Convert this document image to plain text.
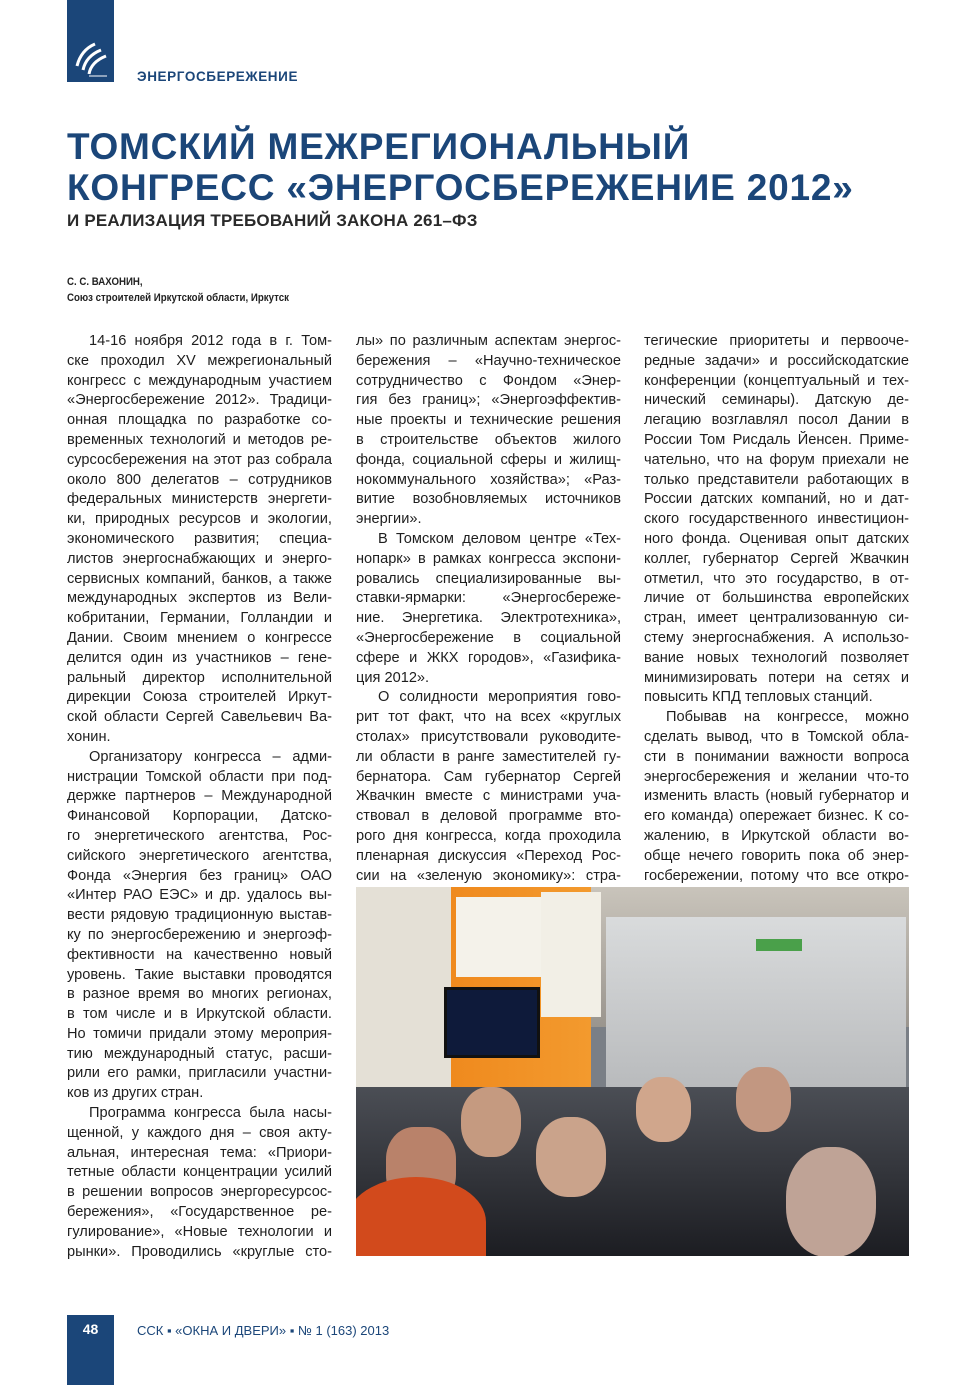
ЭНЕРГОСБЕРЕЖЕНИЕ
ТОМСКИЙ МЕЖРЕГИОНАЛЬНЫЙ
КОНГРЕСС «ЭНЕРГОСБЕРЕЖЕНИЕ 2012»
И РЕАЛИЗАЦИЯ ТРЕБОВАНИЙ ЗАКОНА 261–ФЗ
С. С. ВАХОНИН,
Союз строителей Иркутской области, Иркутск
14-16 ноября 2012 года в г. Том-
ске проходил XV межрегиональный
конгресс с международным участием
«Энергосбережение 2012». Традици-
онная площадка по разработке со-
временных технологий и методов ре-
сурсосбережения на этот раз собрала
около 800 делегатов – сотрудников
федеральных министерств энергети-
ки, природных ресурсов и экологии,
экономического развития; специа-
листов энергоснабжающих и энерго-
сервисных компаний, банков, а также
международных экспертов из Вели-
кобритании, Германии, Голландии и
Дании. Своим мнением о конгрессе
делится один из участников – гене-
ральный директор исполнительной
дирекции Союза строителей Иркут-
ской области Сергей Савельевич Ва-
хонин.
Организатору конгресса – адми-
нистрации Томской области при под-
держке партнеров – Международной
Финансовой Корпорации, Датско-
го энергетического агентства, Рос-
сийского энергетического агентства,
Фонда «Энергия без границ» ОАО
«Интер РАО ЕЭС» и др. удалось вы-
вести рядовую традиционную выстав-
ку по энергосбережению и энергоэф-
фективности на качественно новый
уровень. Такие выставки проводятся
в разное время во многих регионах,
в том числе и в Иркутской области.
Но томичи придали этому мероприя-
тию международный статус, расши-
рили его рамки, пригласили участни-
ков из других стран.
Программа конгресса была насы-
щенной, у каждого дня – своя акту-
альная, интересная тема: «Приори-
тетные области концентрации усилий
в решении вопросов энергоресурсос-
бережения», «Государственное ре-
гулирование», «Новые технологии и
рынки». Проводились «круглые сто-
лы» по различным аспектам энергос-
бережения – «Научно-техническое
сотрудничество с Фондом «Энер-
гия без границ»; «Энергоэффектив-
ные проекты и технические решения
в строительстве объектов жилого
фонда, социальной сферы и жилищ-
нокоммунального хозяйства»; «Раз-
витие возобновляемых источников
энергии».
В Томском деловом центре «Тех-
нопарк» в рамках конгресса экспони-
ровались специализированные вы-
ставки-ярмарки: «Энергосбереже-
ние. Энергетика. Электротехника»,
«Энергосбережение в социальной
сфере и ЖКХ городов», «Газифика-
ция 2012».
О солидности мероприятия гово-
рит тот факт, что на всех «круглых
столах» присутствовали руководите-
ли области в ранге заместителей гу-
бернатора. Сам губернатор Сергей
Жвачкин вместе с министрами уча-
ствовал в деловой программе вто-
рого дня конгресса, когда проходила
пленарная дискуссия «Переход Рос-
сии на «зеленую экономику»: стра-
тегические приоритеты и первооче-
редные задачи» и российскодатские
конференции (концептуальный и тех-
нический семинары). Датскую де-
легацию возглавлял посол Дании в
России Том Рисдаль Йенсен. Приме-
чательно, что на форум приехали не
только представители работающих в
России датских компаний, но и дат-
ского государственного инвестицион-
ного фонда. Оценивая опыт датских
коллег, губернатор Сергей Жвачкин
отметил, что это государство, в от-
личие от большинства европейских
стран, имеет централизованную си-
стему энергоснабжения. А использо-
вание новых технологий позволяет
минимизировать потери на сетях и
повысить КПД тепловых станций.
Побывав на конгрессе, можно
сделать вывод, что в Томской обла-
сти в понимании важности вопроса
энергосбережения и желании что-то
изменить власть (новый губернатор и
его команда) опережает бизнес. К со-
жалению, в Иркутской области во-
обще нечего говорить пока об энер-
госбережении, потому что все откро-
48	ССК ▪ «ОКНА И ДВЕРИ» ▪ № 1 (163) 2013
